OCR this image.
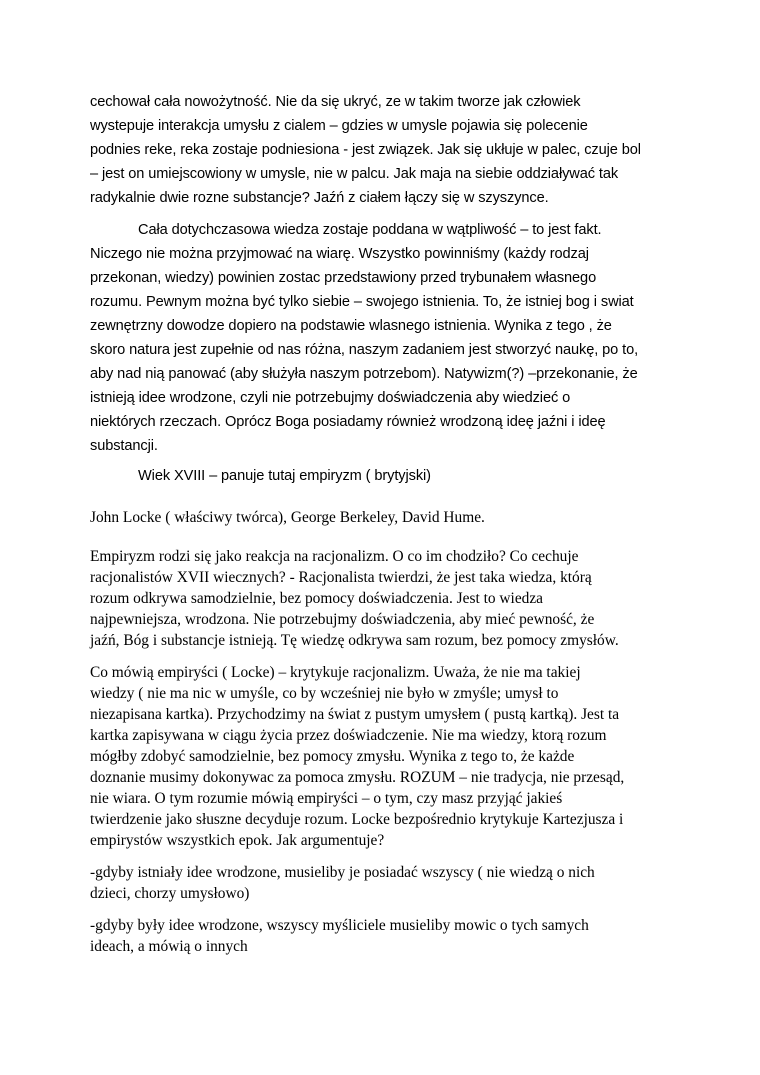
cechował cała nowożytność. Nie da się ukryć, ze w takim tworze jak człowiek

wystepuje interakcja umysłu z cialem – gdzies w umysle pojawia się polecenie

podnies reke, reka zostaje podniesiona - jest związek. Jak się ukłuje w palec, czuje bol

– jest on umiejscowiony w umysle, nie w palcu. Jak maja na siebie oddziaływać tak

radykalnie dwie rozne substancje? Jaźń z ciałem łączy się w szyszynce.

Cała dotychczasowa wiedza zostaje poddana w wątpliwość – to jest fakt.

Niczego nie można przyjmować na wiarę. Wszystko powinniśmy (każdy rodzaj

przekonan, wiedzy) powinien zostac przedstawiony przed trybunałem własnego

rozumu. Pewnym można być tylko siebie – swojego istnienia. To, że istniej bog i swiat

zewnętrzny dowodze dopiero na podstawie wlasnego istnienia. Wynika z tego , że

skoro natura jest zupełnie od nas różna, naszym zadaniem jest stworzyć naukę, po to,

aby nad nią panować (aby służyła naszym potrzebom). Natywizm(?) –przekonanie, że

istnieją idee wrodzone, czyli nie potrzebujmy doświadczenia aby wiedzieć o

niektórych rzeczach. Oprócz Boga posiadamy również wrodzoną ideę jaźni i ideę

substancji.

Wiek XVIII – panuje tutaj empiryzm ( brytyjski)

John Locke ( właściwy twórca), George Berkeley, David Hume.

Empiryzm rodzi się jako reakcja na racjonalizm. O co im chodziło? Co cechuje

racjonalistów XVII wiecznych? - Racjonalista twierdzi, że jest taka wiedza, którą

rozum odkrywa samodzielnie, bez pomocy doświadczenia. Jest to wiedza

najpewniejsza, wrodzona. Nie potrzebujmy doświadczenia, aby mieć pewność, że

jaźń, Bóg i substancje istnieją. Tę wiedzę odkrywa sam rozum, bez pomocy zmysłów.

Co mówią empiryści ( Locke) – krytykuje racjonalizm. Uważa, że nie ma takiej

wiedzy ( nie ma nic w umyśle, co by wcześniej nie było w zmyśle; umysł to

niezapisana kartka). Przychodzimy na świat z pustym umysłem ( pustą kartką). Jest ta

kartka zapisywana w ciągu życia przez doświadczenie. Nie ma wiedzy, ktorą rozum

mógłby zdobyć samodzielnie, bez pomocy zmysłu. Wynika z tego to, że każde

doznanie musimy dokonywac za pomoca zmysłu. ROZUM – nie tradycja, nie przesąd,

nie wiara. O tym rozumie mówią empiryści – o tym, czy masz przyjąć jakieś

twierdzenie jako słuszne decyduje rozum. Locke bezpośrednio krytykuje Kartezjusza i

empirystów wszystkich epok. Jak argumentuje?

-gdyby istniały idee wrodzone, musieliby je posiadać wszyscy ( nie wiedzą o nich

dzieci, chorzy umysłowo)

-gdyby były idee wrodzone, wszyscy myśliciele musieliby mowic o tych samych

ideach, a mówią o innych
